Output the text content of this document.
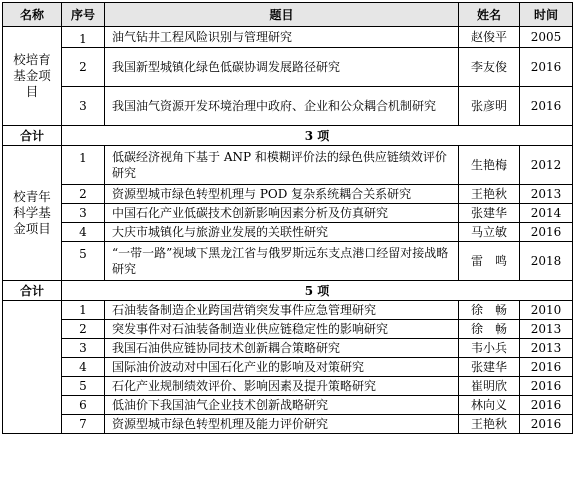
名称	序号	题目	姓名	时间

校培育基金项目	1	油气钻井工程风险识别与管理研究	赵俊平	2005

	2	我国新型城镇化绿色低碳协调发展路径研究	李友俊	2016

	3	我国油气资源开发环境治理中政府、企业和公众耦合机制研究	张彦明	2016
合计	3 项			

校青年科学基金项目	1	低碳经济视角下基于 ANP 和模糊评价法的绿色供应链绩效评价研究	生艳梅	2012

	2	资源型城市绿色转型机理与 POD 复杂系统耦合关系研究	王艳秋	2013

	3	中国石化产业低碳技术创新影响因素分析及仿真研究	张建华	2014

	4	大庆市城镇化与旅游业发展的关联性研究	马立敏	2016

	5	“一带一路”视域下黑龙江省与俄罗斯远东支点港口经留对接战略研究	雷　鸣	2018
合计	5 项			

	1	石油装备制造企业跨国营销突发事件应急管理研究	徐　畅	2010

	2	突发事件对石油装备制造业供应链稳定性的影响研究	徐　畅	2013

	3	我国石油供应链协同技术创新耦合策略研究	韦小兵	2013

	4	国际油价波动对中国石化产业的影响及对策研究	张建华	2016

	5	石化产业规制绩效评价、影响因素及提升策略研究	崔明欣	2016

	6	低油价下我国油气企业技术创新战略研究	林向义	2016

	7	资源型城市绿色转型机理及能力评价研究	王艳秋	2016
